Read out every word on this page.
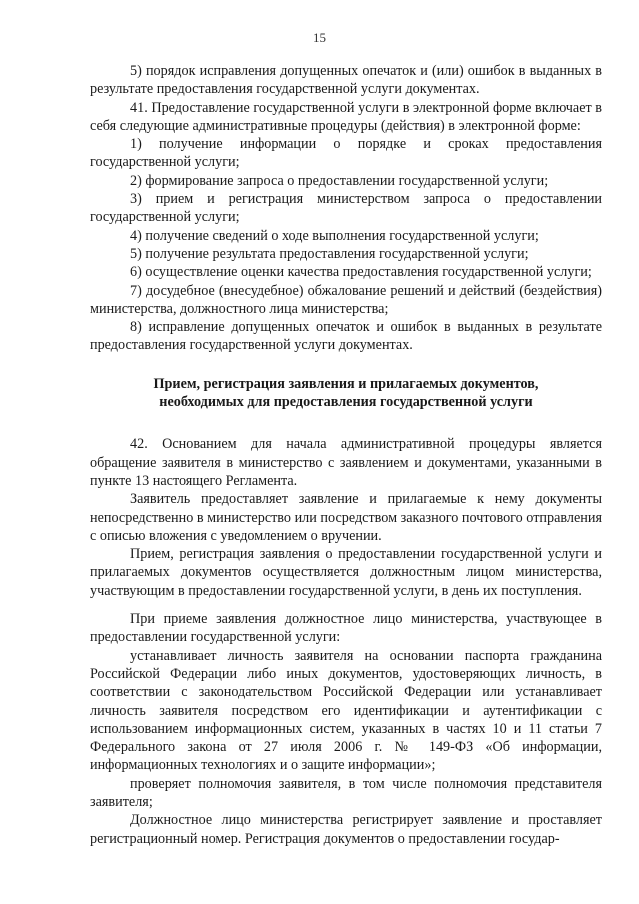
15

5) порядок исправления допущенных опечаток и (или) ошибок в выданных в результате предоставления государственной услуги документах.

41. Предоставление государственной услуги в электронной форме включает в себя следующие административные процедуры (действия) в электронной форме:

1) получение информации о порядке и сроках предоставления государственной услуги;

2) формирование запроса о предоставлении государственной услуги;

3) прием и регистрация министерством запроса о предоставлении государственной услуги;

4) получение сведений о ходе выполнения государственной услуги;

5) получение результата предоставления государственной услуги;

6) осуществление оценки качества предоставления государственной услуги;

7) досудебное (внесудебное) обжалование решений и действий (бездействия) министерства, должностного лица министерства;

8) исправление допущенных опечаток и ошибок в выданных в результате предоставления государственной услуги документах.

Прием, регистрация заявления и прилагаемых документов,
необходимых для предоставления государственной услуги

42. Основанием для начала административной процедуры является обращение заявителя в министерство с заявлением и документами, указанными в пункте 13 настоящего Регламента.

Заявитель предоставляет заявление и прилагаемые к нему документы непосредственно в министерство или посредством заказного почтового отправления с описью вложения с уведомлением о вручении.

Прием, регистрация заявления о предоставлении государственной услуги и прилагаемых документов осуществляется должностным лицом министерства, участвующим в предоставлении государственной услуги, в день их поступления.

При приеме заявления должностное лицо министерства, участвующее в предоставлении государственной услуги:

устанавливает личность заявителя на основании паспорта гражданина Российской Федерации либо иных документов, удостоверяющих личность, в соответствии с законодательством Российской Федерации или устанавливает личность заявителя посредством его идентификации и аутентификации с использованием информационных систем, указанных в частях 10 и 11 статьи 7 Федерального закона от 27 июля 2006 г. № 149-ФЗ «Об информации, информационных технологиях и о защите информации»;

проверяет полномочия заявителя, в том числе полномочия представителя заявителя;

Должностное лицо министерства регистрирует заявление и проставляет регистрационный номер. Регистрация документов о предоставлении государ-
